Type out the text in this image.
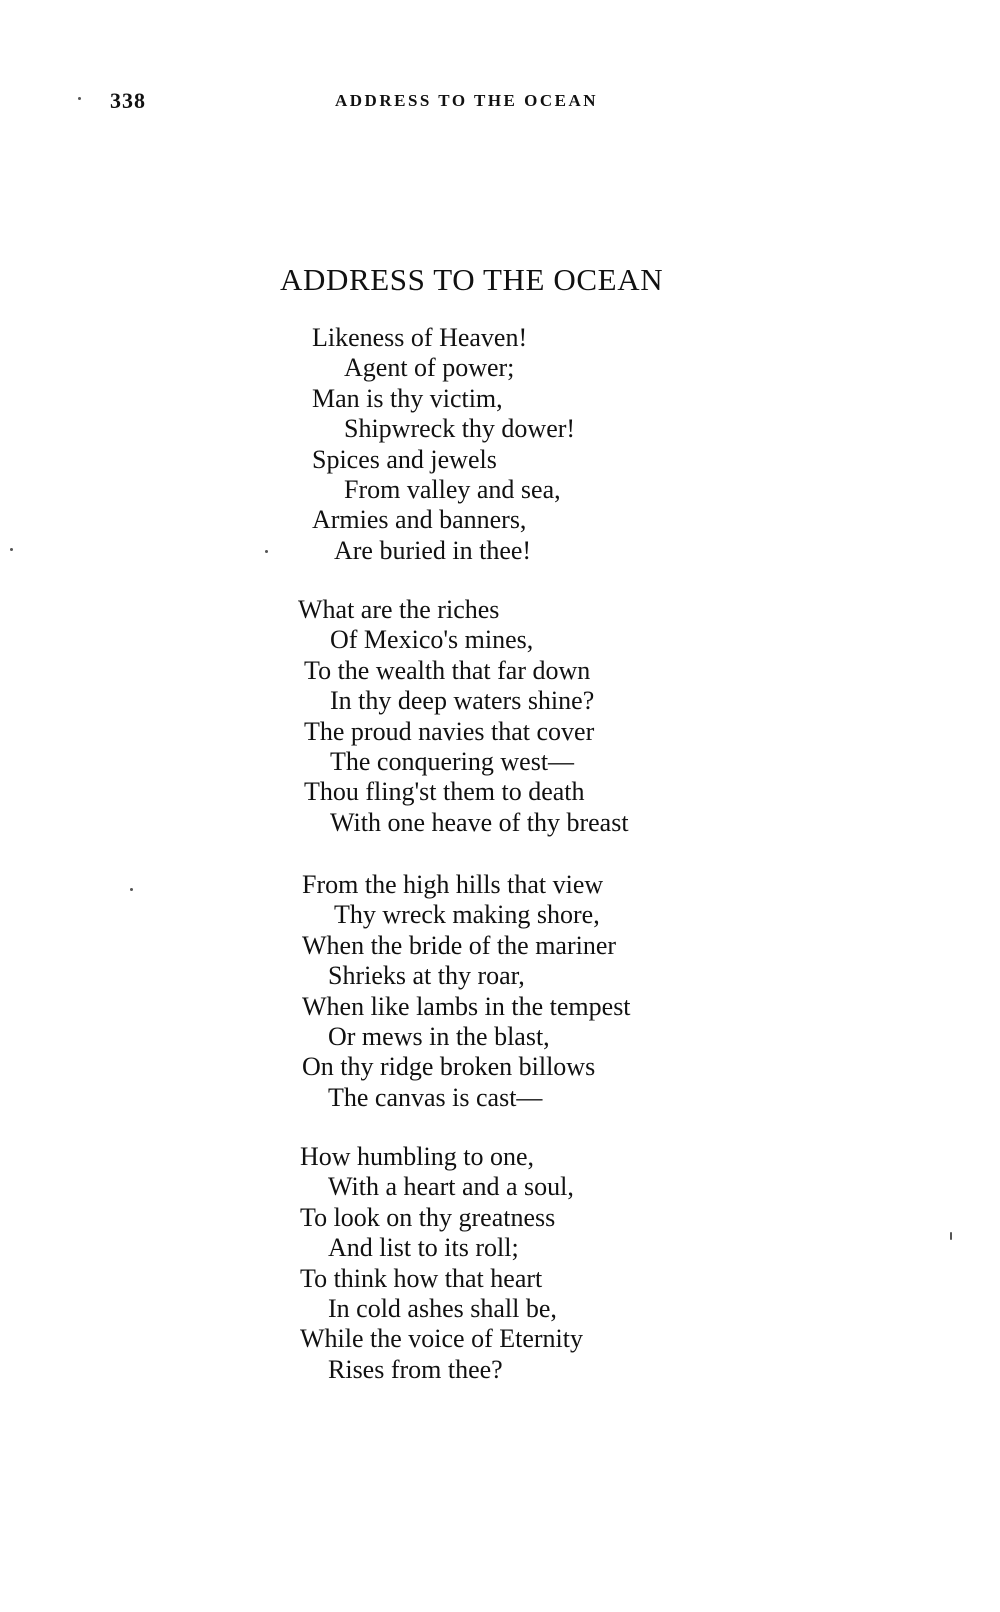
338	ADDRESS TO THE OCEAN
ADDRESS TO THE OCEAN
Likeness of Heaven!
Agent of power;
Man is thy victim,
Shipwreck thy dower!
Spices and jewels
From valley and sea,
Armies and banners,
Are buried in thee!
What are the riches
Of Mexico's mines,
To the wealth that far down
In thy deep waters shine?
The proud navies that cover
The conquering west—
Thou fling'st them to death
With one heave of thy breast
From the high hills that view
Thy wreck making shore,
When the bride of the mariner
Shrieks at thy roar,
When like lambs in the tempest
Or mews in the blast,
On thy ridge broken billows
The canvas is cast—
How humbling to one,
With a heart and a soul,
To look on thy greatness
And list to its roll;
To think how that heart
In cold ashes shall be,
While the voice of Eternity
Rises from thee?
